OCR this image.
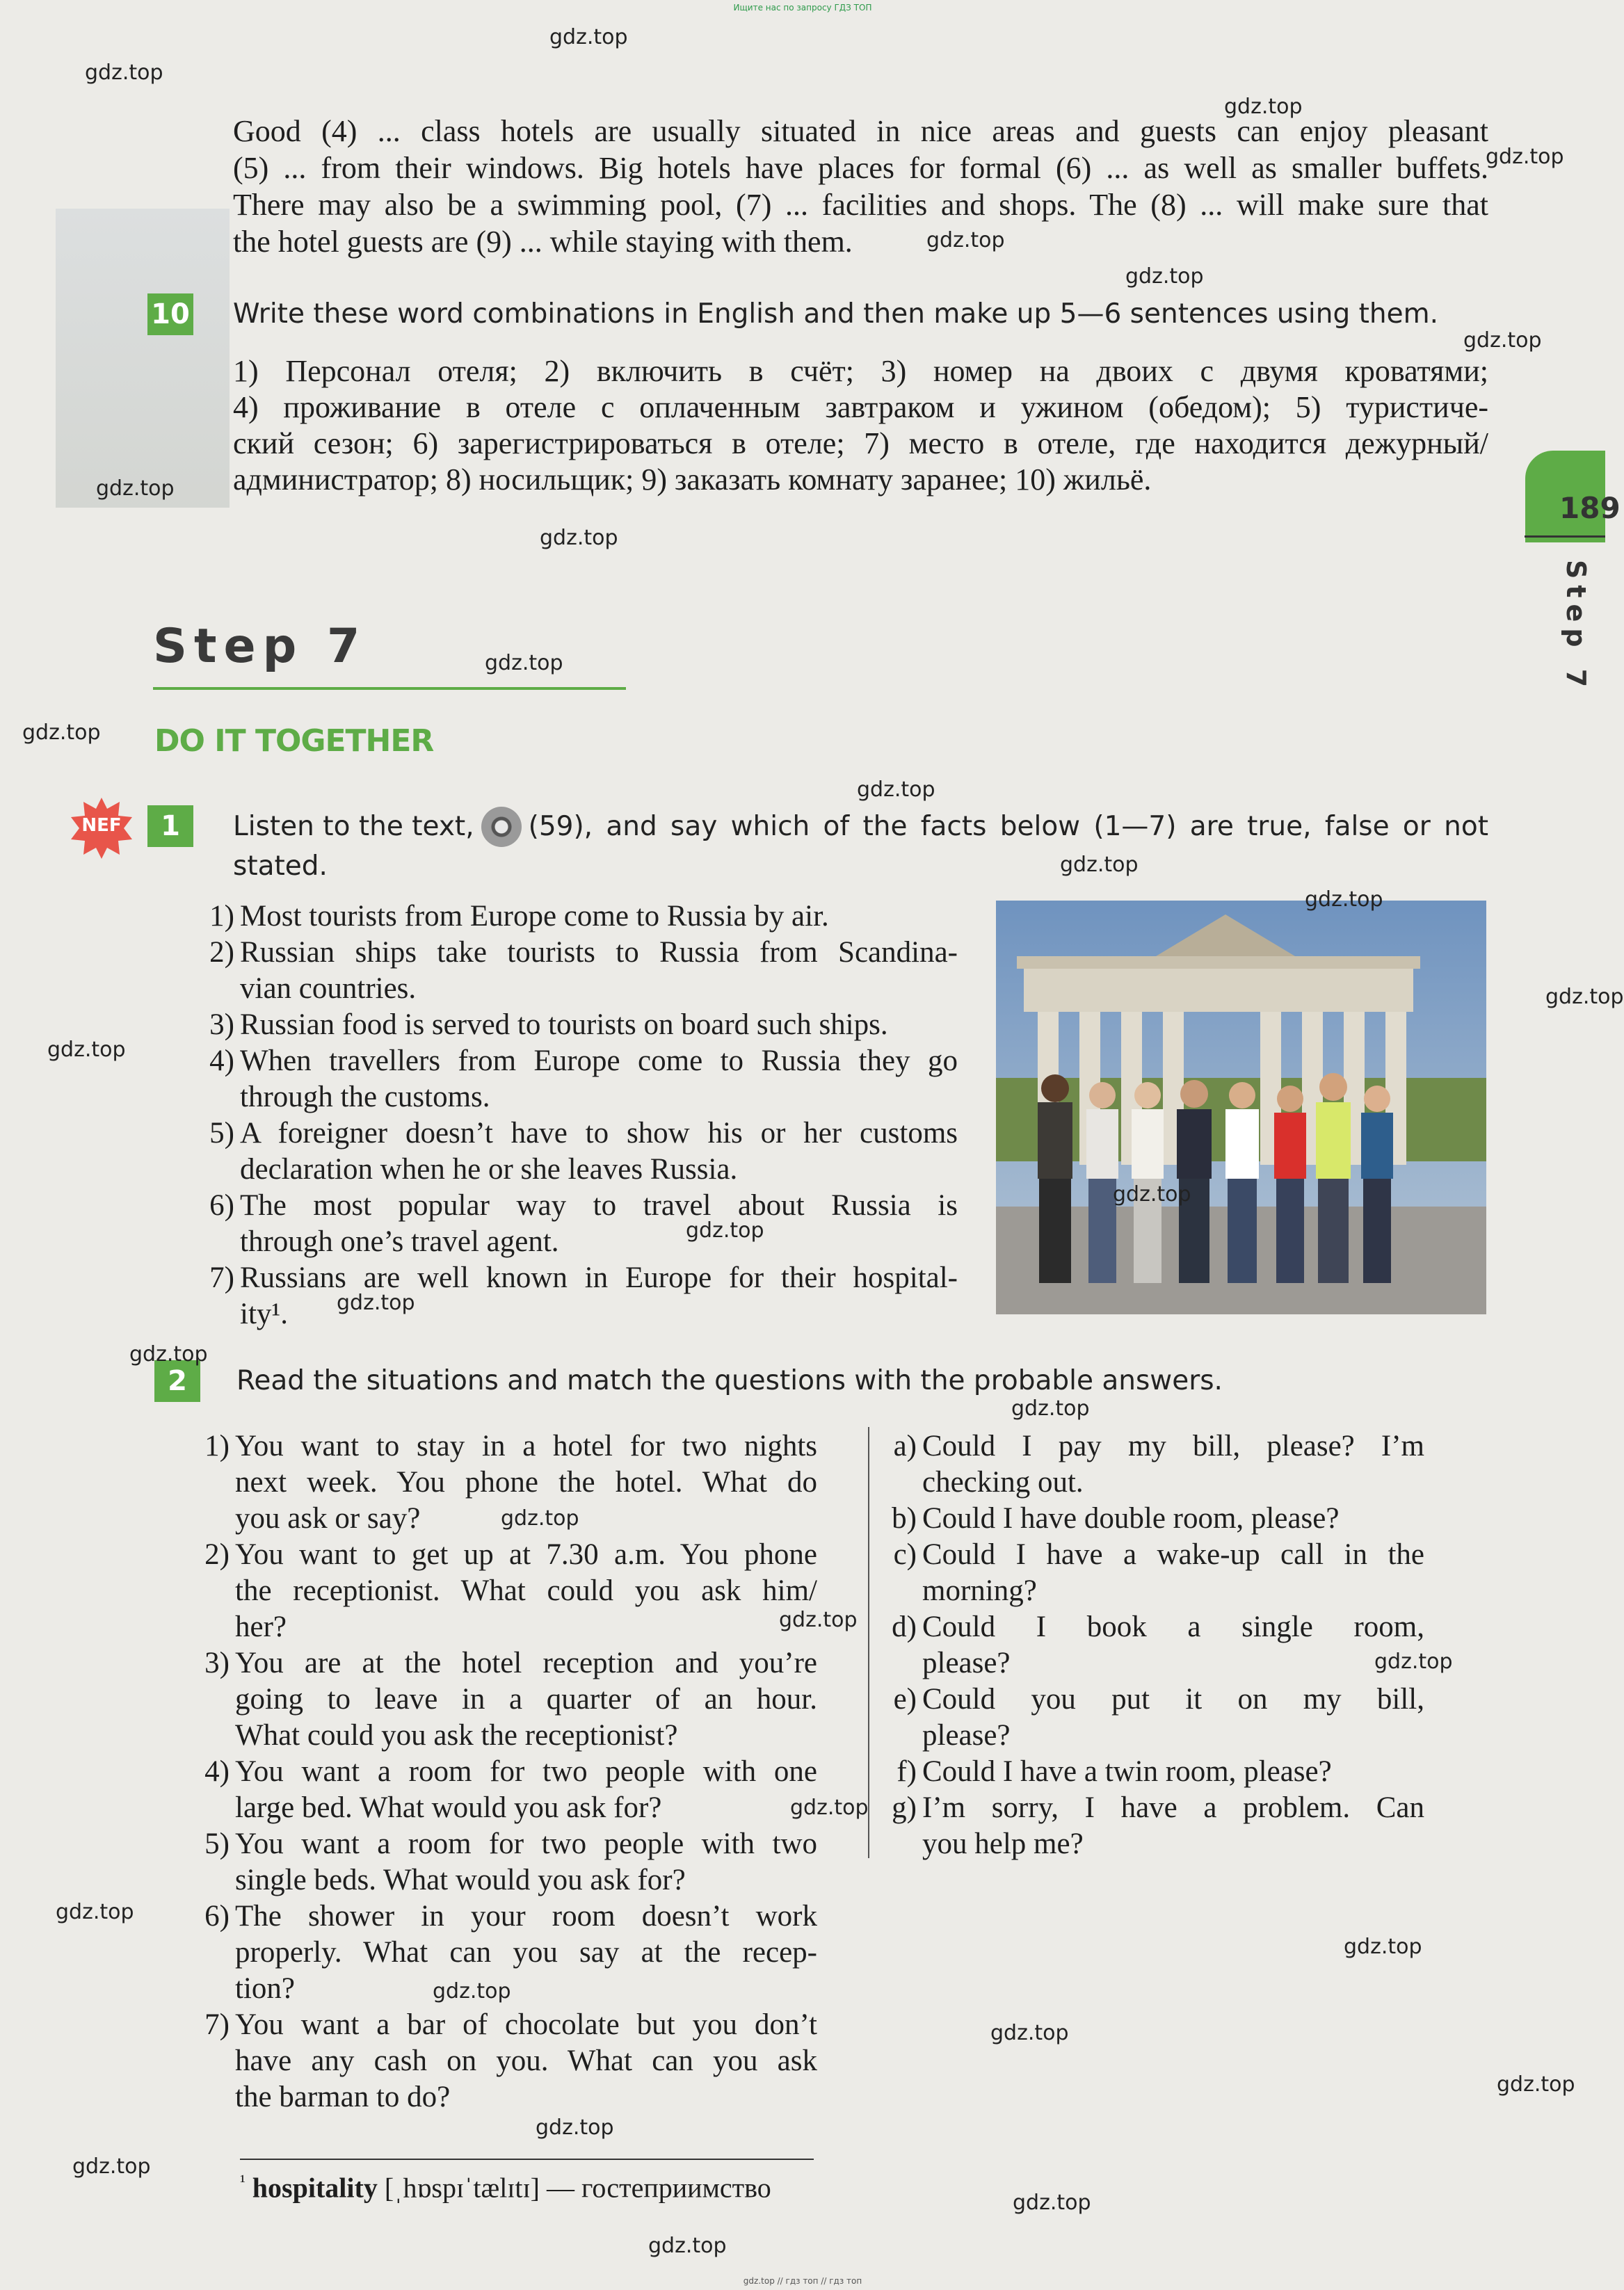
Ищите нас по запросу ГДЗ ТОП
gdz.top // гдз топ // гдз топ
Good (4) ... class hotels are usually situated in nice areas and guests can enjoy pleasant
(5) ... from their windows. Big hotels have places for formal (6) ... as well as smaller buffets.
There may also be a swimming pool, (7) ... facilities and shops. The (8) ... will make sure that
the hotel guests are (9) ... while staying with them.
10 Write these word combinations in English and then make up 5—6 sentences using them.
1) Персонал отеля; 2) включить в счёт; 3) номер на двоих с двумя кроватями;
4) проживание в отеле с оплаченным завтраком и ужином (обедом); 5) туристиче-
ский сезон; 6) зарегистрироваться в отеле; 7) место в отеле, где находится дежурный/
администратор; 8) носильщик; 9) заказать комнату заранее; 10) жильё.
Step 7
DO IT TOGETHER
NEF	1	Listen to the text, (59), and say which of the facts below (1—7) are true, false or not
stated.
1) Most tourists from Europe come to Russia by air.
2) Russian ships take tourists to Russia from Scandina-
vian countries.
3) Russian food is served to tourists on board such ships.
4) When travellers from Europe come to Russia they go
through the customs.
5) A foreigner doesn’t have to show his or her customs
declaration when he or she leaves Russia.
6) The most popular way to travel about Russia is
through one’s travel agent.
7) Russians are well known in Europe for their hospital-
ity¹.
2	Read the situations and match the questions with the probable answers.
1) You want to stay in a hotel for two nights
next week. You phone the hotel. What do
you ask or say?
2) You want to get up at 7.30 a.m. You phone
the receptionist. What could you ask him/
her?
3) You are at the hotel reception and you’re
going to leave in a quarter of an hour.
What could you ask the receptionist?
4) You want a room for two people with one
large bed. What would you ask for?
5) You want a room for two people with two
single beds. What would you ask for?
6) The shower in your room doesn’t work
properly. What can you say at the recep-
tion?
7) You want a bar of chocolate but you don’t
have any cash on you. What can you ask
the barman to do?
a) Could I pay my bill, please? I’m
checking out.
b) Could I have double room, please?
c) Could I have a wake-up call in the
morning?
d) Could I book a single room,
please?
e) Could you put it on my bill,
please?
f) Could I have a twin room, please?
g) I’m sorry, I have a problem. Can
you help me?
$^{^1}$ hospitality [ˌhɒspɪˈtælɪtɪ] — гостеприимство
189
Step 7
gdz.top
gdz.top
gdz.top
gdz.top
gdz.top
gdz.top
gdz.top
gdz.top
gdz.top
gdz.top
gdz.top
gdz.top
gdz.top
gdz.top
gdz.top
gdz.top
gdz.top
gdz.top
gdz.top
gdz.top
gdz.top
gdz.top
gdz.top
gdz.top
gdz.top
gdz.top
gdz.top
gdz.top
gdz.top
gdz.top
gdz.top
gdz.top
gdz.top
gdz.top
